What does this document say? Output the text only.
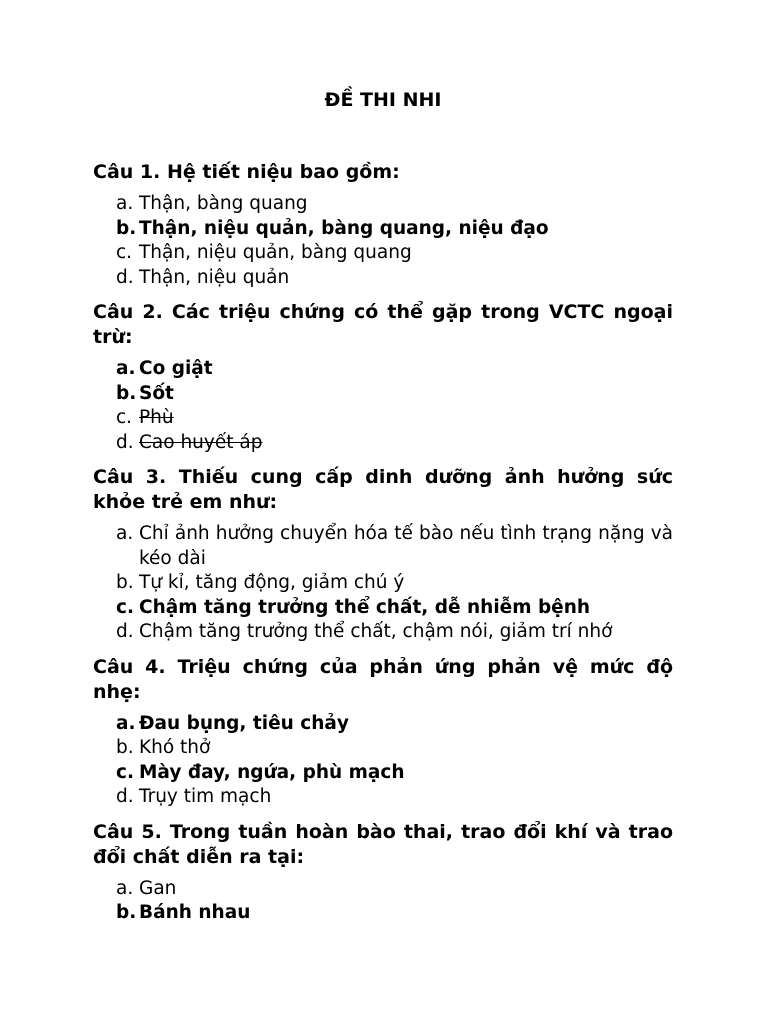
ĐỀ THI NHI
Câu 1. Hệ tiết niệu bao gồm:
a. Thận, bàng quang
b. Thận, niệu quản, bàng quang, niệu đạo
c. Thận, niệu quản, bàng quang
d. Thận, niệu quản
Câu 2. Các triệu chứng có thể gặp trong VCTC ngoại trừ:
a. Co giật
b. Sốt
c. Phù
d. Cao huyết áp
Câu 3. Thiếu cung cấp dinh dưỡng ảnh hưởng sức khỏe trẻ em như:
a. Chỉ ảnh hưởng chuyển hóa tế bào nếu tình trạng nặng và kéo dài
b. Tự kỉ, tăng động, giảm chú ý
c. Chậm tăng trưởng thể chất, dễ nhiễm bệnh
d. Chậm tăng trưởng thể chất, chậm nói, giảm trí nhớ
Câu 4. Triệu chứng của phản ứng phản vệ mức độ nhẹ:
a. Đau bụng, tiêu chảy
b. Khó thở
c. Mày đay, ngứa, phù mạch
d. Trụy tim mạch
Câu 5. Trong tuần hoàn bào thai, trao đổi khí và trao đổi chất diễn ra tại:
a. Gan
b. Bánh nhau
